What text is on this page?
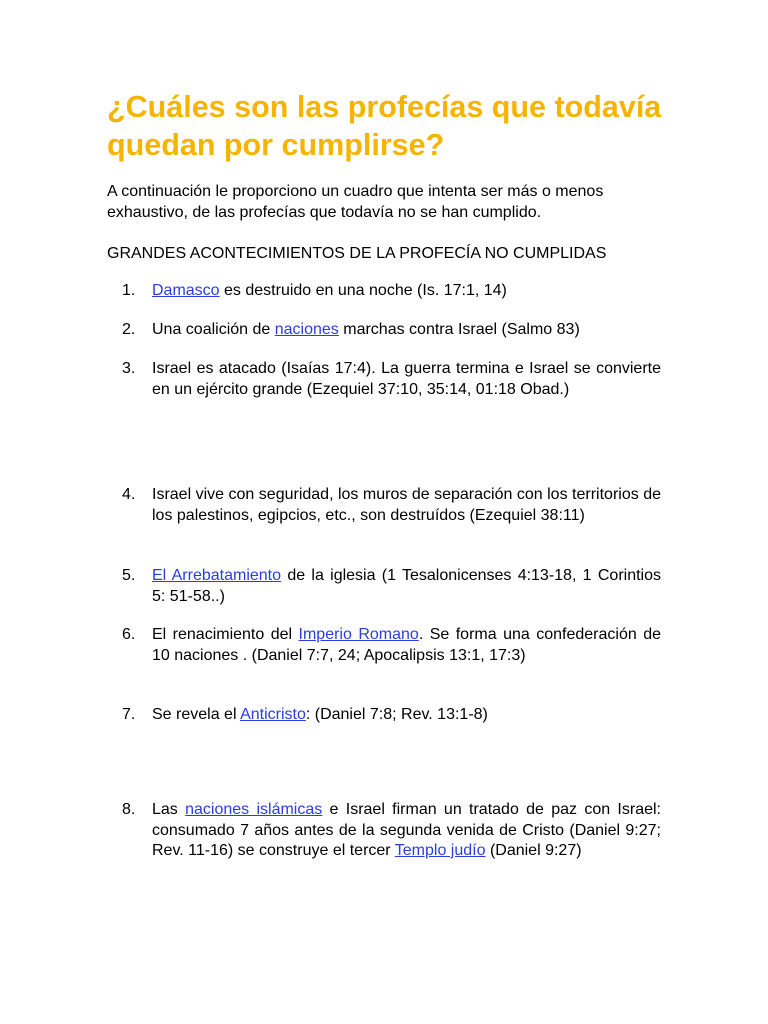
¿Cuáles son las profecías que todavía quedan por cumplirse?

A continuación le proporciono un cuadro que intenta ser más o menos exhaustivo, de las profecías que todavía no se han cumplido.

GRANDES ACONTECIMIENTOS DE LA PROFECÍA NO CUMPLIDAS

1.	Damasco es destruido en una noche (Is. 17:1, 14)
2.	Una coalición de naciones marchas contra Israel (Salmo 83)
3.	Israel es atacado (Isaías 17:4). La guerra termina e Israel se convierte en un ejército grande (Ezequiel 37:10, 35:14, 01:18 Obad.)
4.	Israel vive con seguridad, los muros de separación con los territorios de los palestinos, egipcios, etc., son destruídos (Ezequiel 38:11)
5.	El Arrebatamiento de la iglesia (1 Tesalonicenses 4:13-18, 1 Corintios 5: 51-58..)
6.	El renacimiento del Imperio Romano. Se forma una confederación de 10 naciones . (Daniel 7:7, 24; Apocalipsis 13:1, 17:3)
7.	Se revela el Anticristo: (Daniel 7:8; Rev. 13:1-8)
8.	Las naciones islámicas e Israel firman un tratado de paz con Israel: consumado 7 años antes de la segunda venida de Cristo (Daniel 9:27; Rev. 11-16) se construye el tercer Templo judío (Daniel 9:27)
